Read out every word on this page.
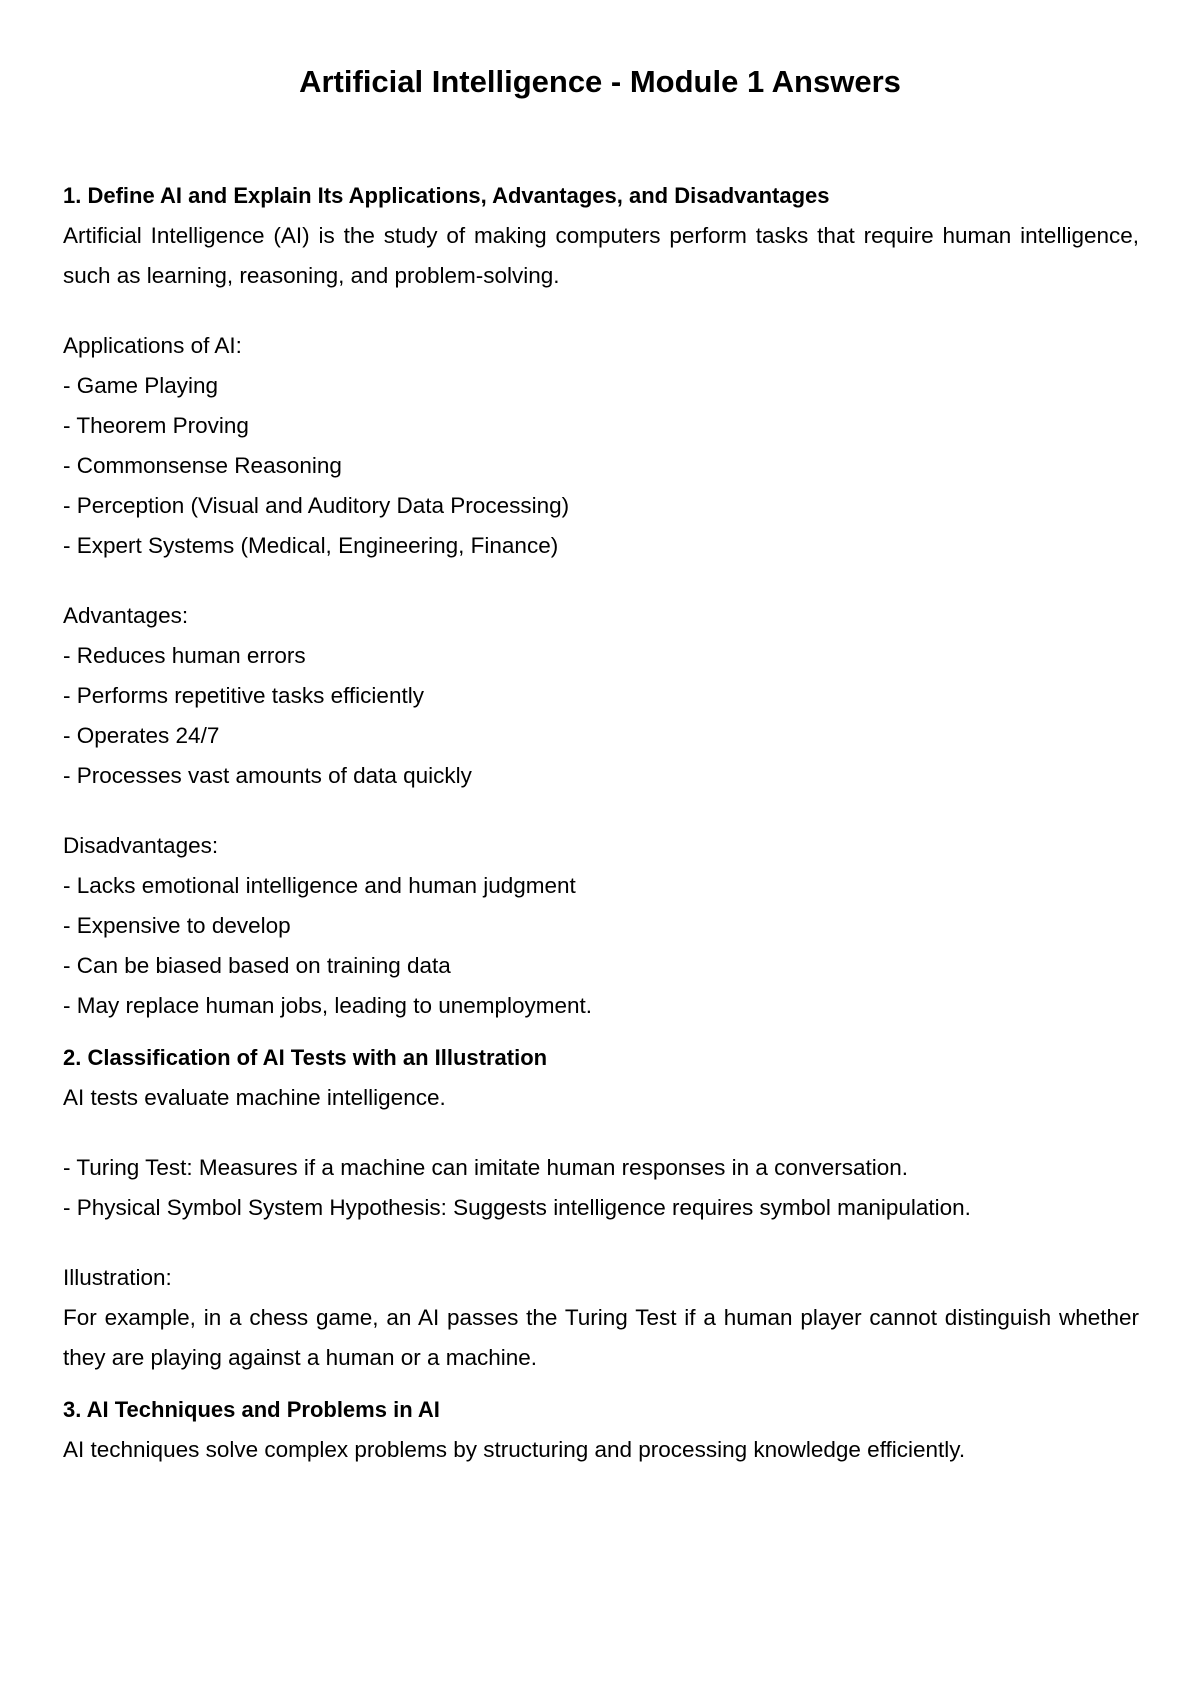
Artificial Intelligence - Module 1 Answers
1. Define AI and Explain Its Applications, Advantages, and Disadvantages

Artificial Intelligence (AI) is the study of making computers perform tasks that require human intelligence, such as learning, reasoning, and problem-solving.

Applications of AI:

- Game Playing
- Theorem Proving
- Commonsense Reasoning
- Perception (Visual and Auditory Data Processing)
- Expert Systems (Medical, Engineering, Finance)

Advantages:

- Reduces human errors
- Performs repetitive tasks efficiently
- Operates 24/7
- Processes vast amounts of data quickly

Disadvantages:

- Lacks emotional intelligence and human judgment
- Expensive to develop
- Can be biased based on training data
- May replace human jobs, leading to unemployment.
2. Classification of AI Tests with an Illustration

AI tests evaluate machine intelligence.

- Turing Test: Measures if a machine can imitate human responses in a conversation.
- Physical Symbol System Hypothesis: Suggests intelligence requires symbol manipulation.

Illustration:

For example, in a chess game, an AI passes the Turing Test if a human player cannot distinguish whether they are playing against a human or a machine.

3. AI Techniques and Problems in AI

AI techniques solve complex problems by structuring and processing knowledge efficiently.
